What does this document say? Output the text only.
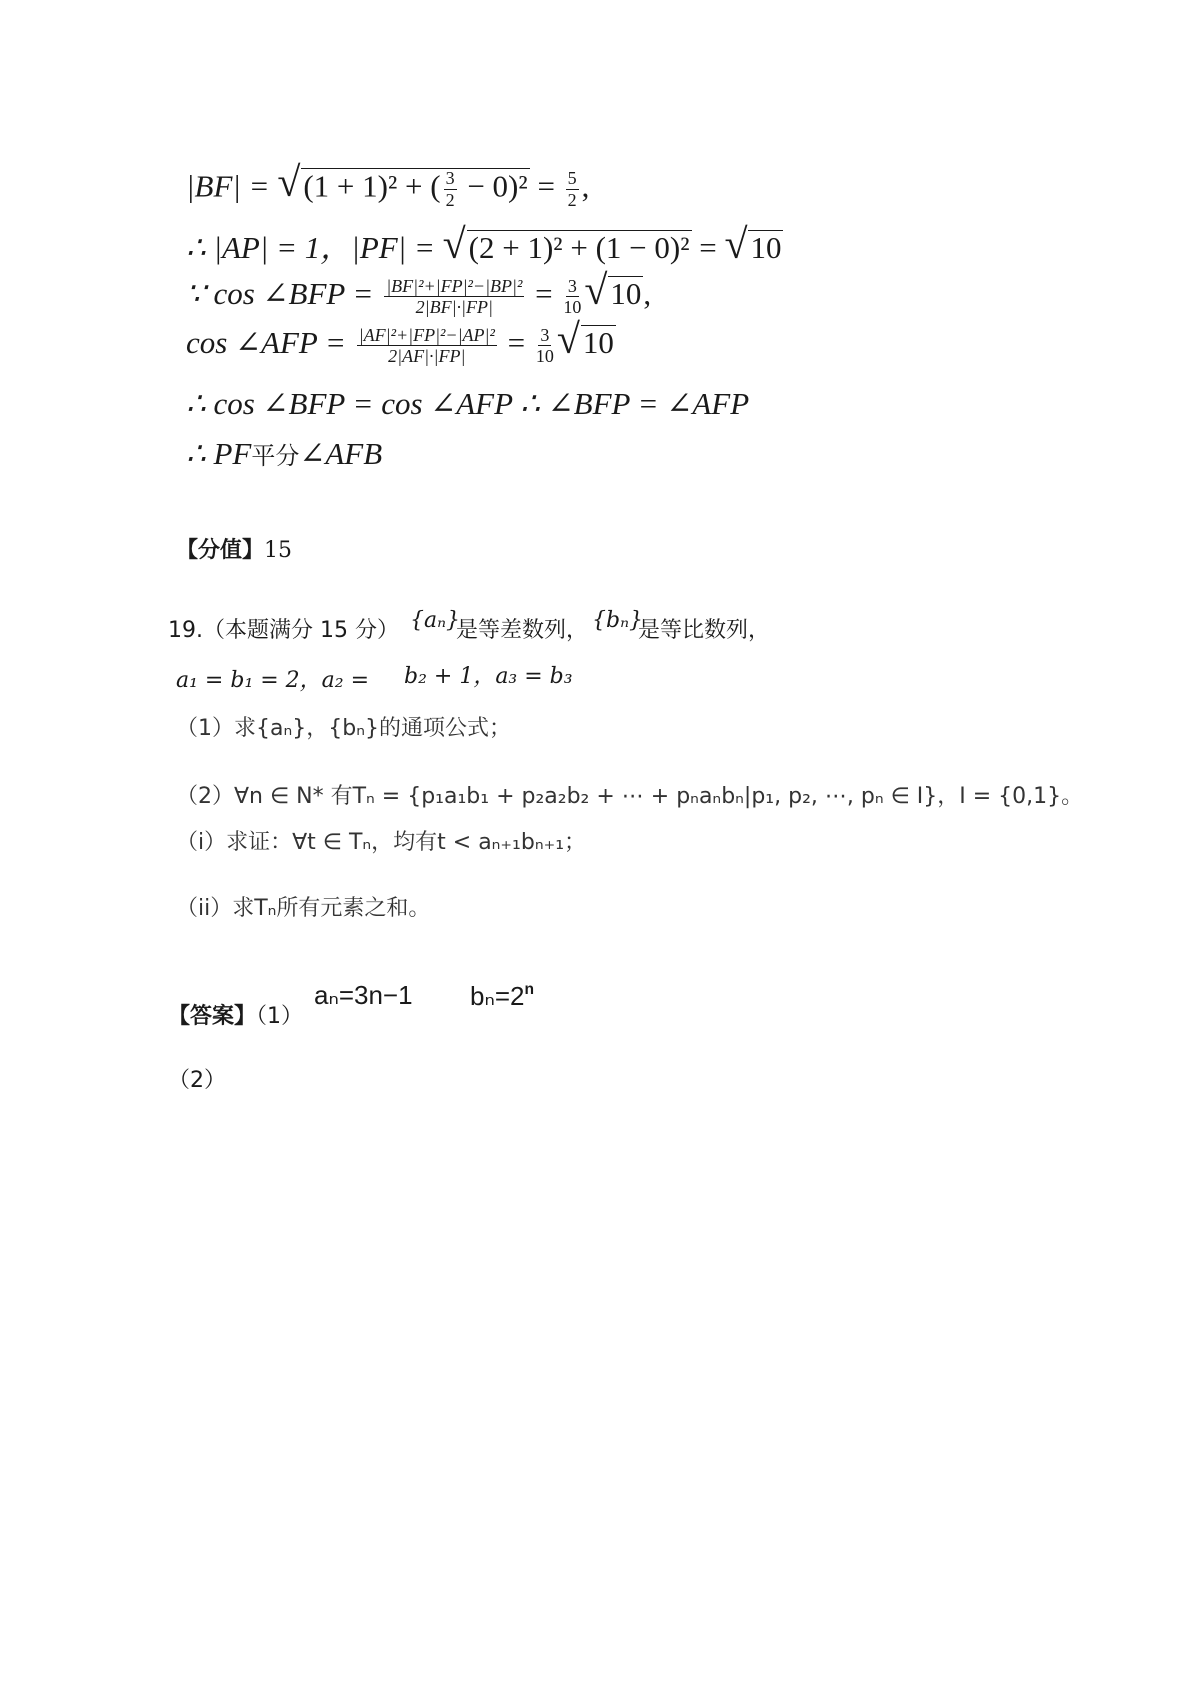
|BF| = √ (1 + 1)² + ( $\frac{3}{2} - 0)^2 = \frac{5}{2}$ ,
∴ |AP| = 1，|PF| = √ (2 + 1)² + (1 − 0)² = √ 10
∵ cos ∠BFP = $\frac{\text{|BF|²+|FP|²−|BP|²}}{2|BF|\cdot|FP|} = \frac{3}{10}$ √ 10,
cos ∠AFP = $\frac{\text{|AF|²+|FP|²−|AP|²}}{2|AF|\cdot|FP|} = \frac{3}{10}$ √ 10
∴ cos ∠BFP = cos ∠AFP ∴ ∠BFP = ∠AFP
∴ PF平分∠AFB
【分值】15
19.（本题满分 15 分） {aₙ}
是等差数列， {bₙ}
是等比数列，
a₁ = b₁ = 2，a₂ = b₂ + 1，a₃ = b₃
（1）求{aₙ}，{bₙ}的通项公式；
（2）∀n ∈ N* 有Tₙ = {p₁a₁b₁ + p₂a₂b₂ + ⋯ + pₙaₙbₙ|p₁, p₂, ⋯, pₙ ∈ I}，I = {0,1}。
（i）求证：∀t ∈ Tₙ，均有t < aₙ₊₁bₙ₊₁；
（ii）求Tₙ所有元素之和。
【答案】（1）
aₙ=3n−1 $b_n=2^n$
（2）
